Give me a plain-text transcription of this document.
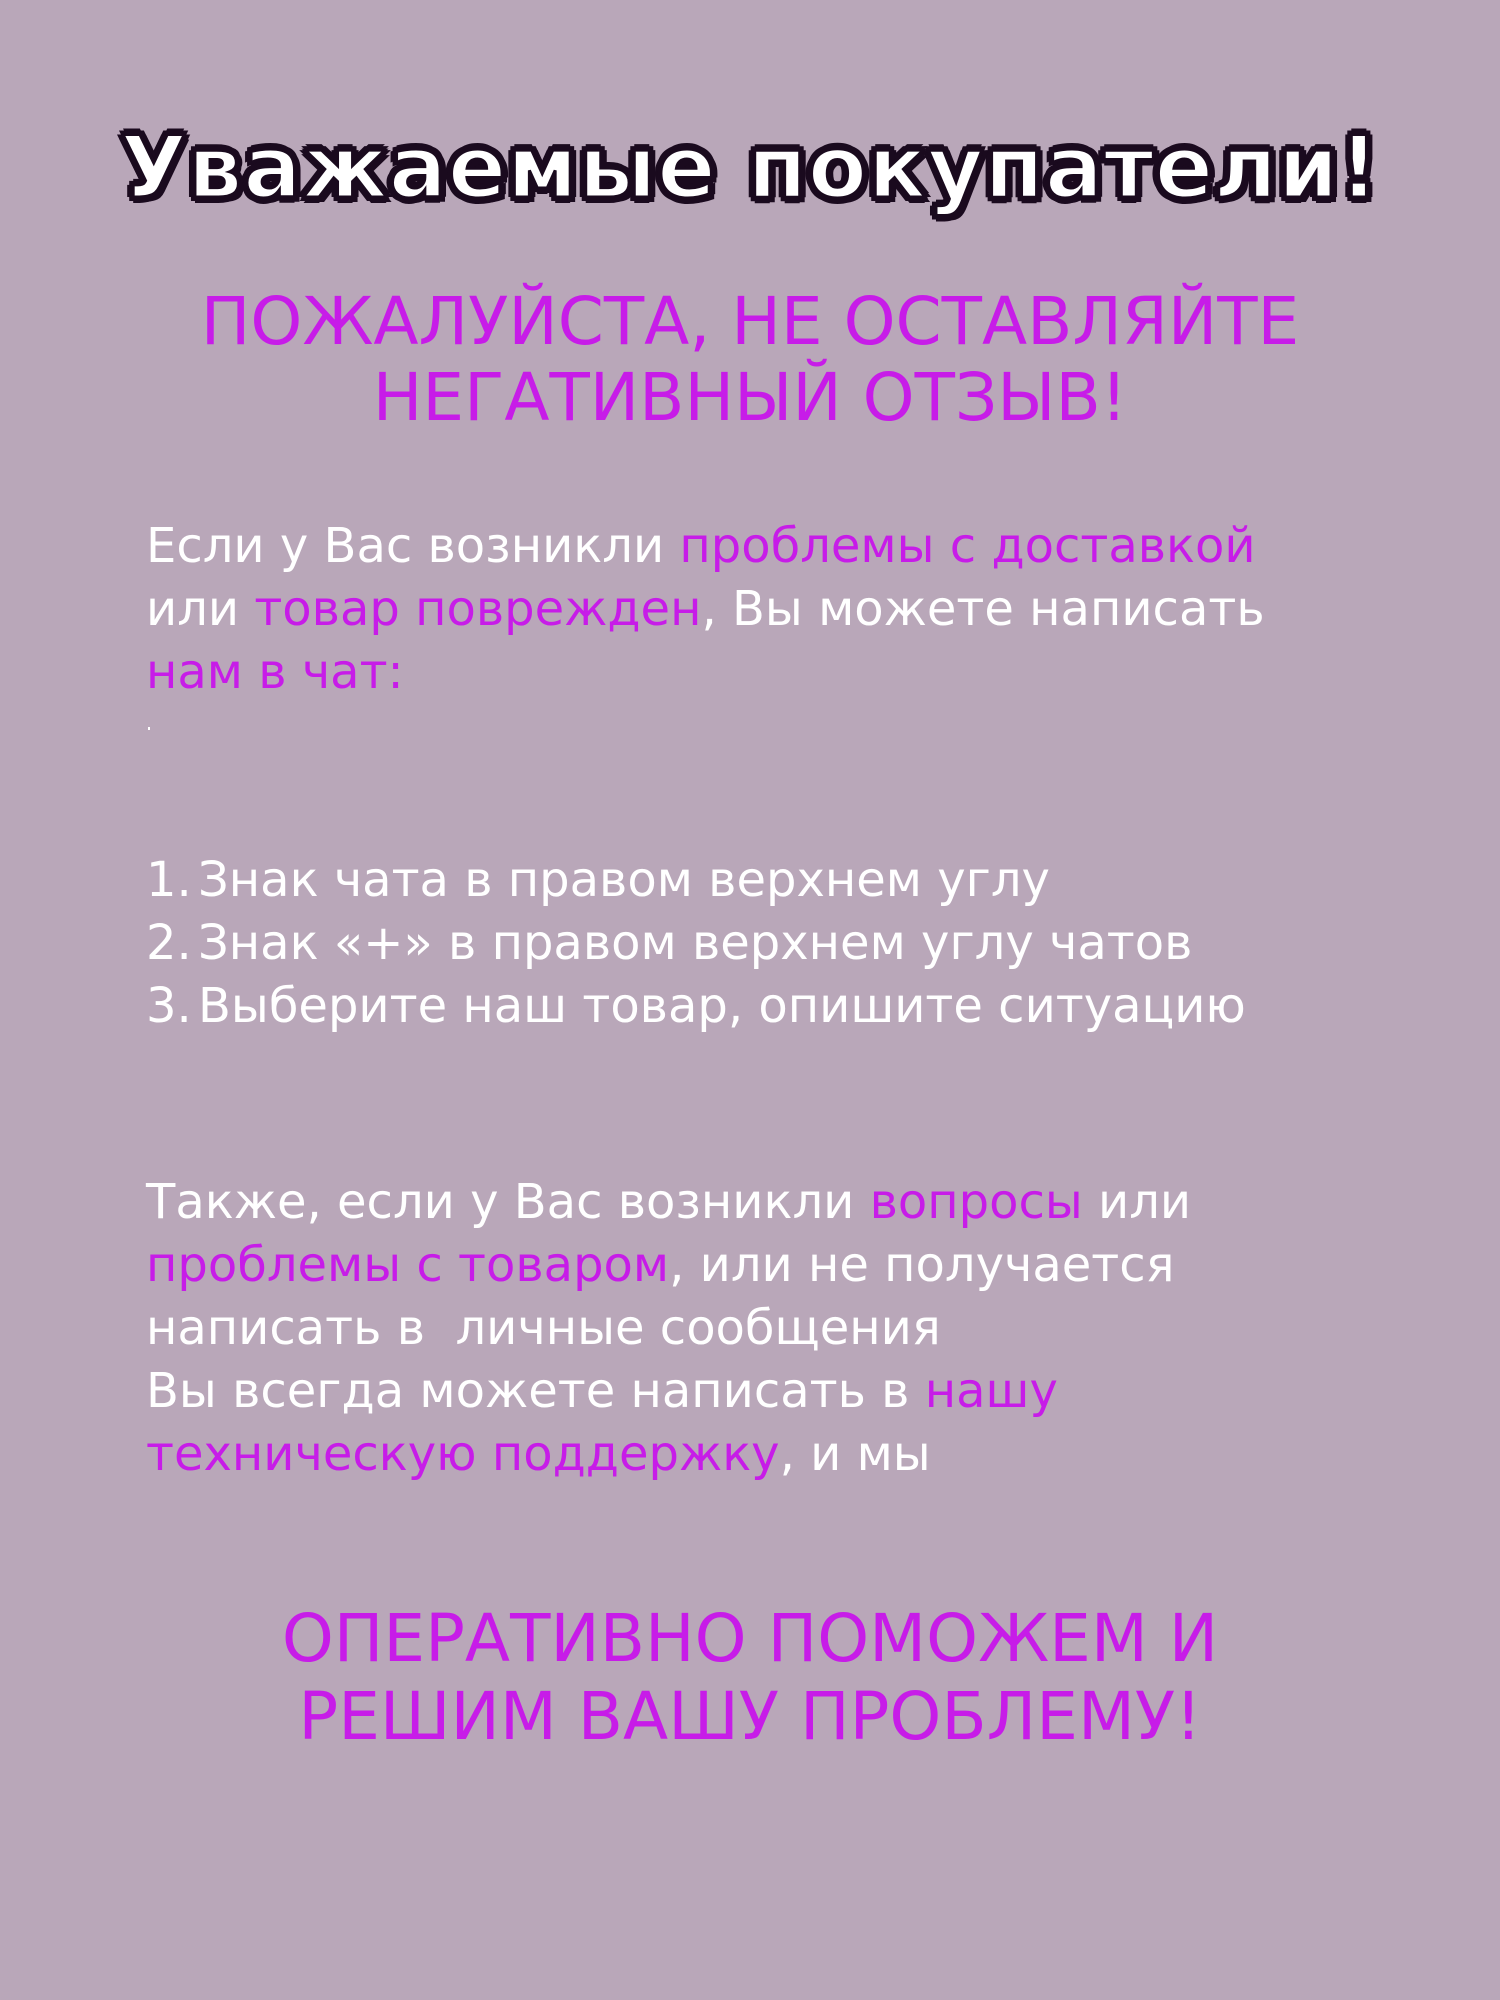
Уважаемые покупатели!
ПОЖАЛУЙСТА, НЕ ОСТАВЛЯЙТЕ
НЕГАТИВНЫЙ ОТЗЫВ!
Если у Вас возникли проблемы с доставкой
или товар поврежден, Вы можете написать
нам в чат:
1. Знак чата в правом верхнем углу
2. Знак «+» в правом верхнем углу чатов
3. Выберите наш товар, опишите ситуацию
Также, если у Вас возникли вопросы или
проблемы с товаром, или не получается
написать в  личные сообщения
Вы всегда можете написать в нашу
техническую поддержку, и мы
ОПЕРАТИВНО ПОМОЖЕМ И
РЕШИМ ВАШУ ПРОБЛЕМУ!
